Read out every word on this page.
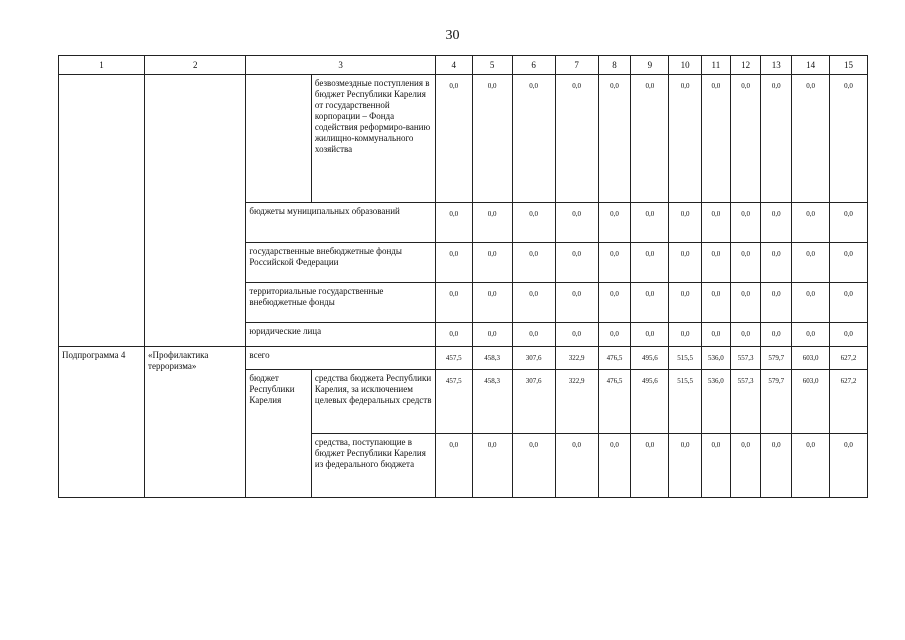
30
1	2	3		4	5	6	7	8	9	10	11	12	13	14	15
			безвозмездные поступления в бюджет Республики Карелия от государственной корпорации – Фонда содействия реформиро-ванию жилищно-коммунального хозяйства	0,0	0,0	0,0	0,0	0,0	0,0	0,0	0,0	0,0	0,0	0,0	0,0
		бюджеты муниципальных образований		0,0	0,0	0,0	0,0	0,0	0,0	0,0	0,0	0,0	0,0	0,0	0,0
		государственные внебюджетные фонды Российской Федерации		0,0	0,0	0,0	0,0	0,0	0,0	0,0	0,0	0,0	0,0	0,0	0,0
		территориальные государственные внебюджетные фонды		0,0	0,0	0,0	0,0	0,0	0,0	0,0	0,0	0,0	0,0	0,0	0,0
		юридические лица		0,0	0,0	0,0	0,0	0,0	0,0	0,0	0,0	0,0	0,0	0,0	0,0
Подпрограмма 4	«Профилактика терроризма»	всего		457,5	458,3	307,6	322,9	476,5	495,6	515,5	536,0	557,3	579,7	603,0	627,2
		бюджет Республики Карелия	средства бюджета Республики Карелия, за исключением целевых федеральных средств	457,5	458,3	307,6	322,9	476,5	495,6	515,5	536,0	557,3	579,7	603,0	627,2
			средства, поступающие в бюджет Республики Карелия из федерального бюджета	0,0	0,0	0,0	0,0	0,0	0,0	0,0	0,0	0,0	0,0	0,0	0,0
